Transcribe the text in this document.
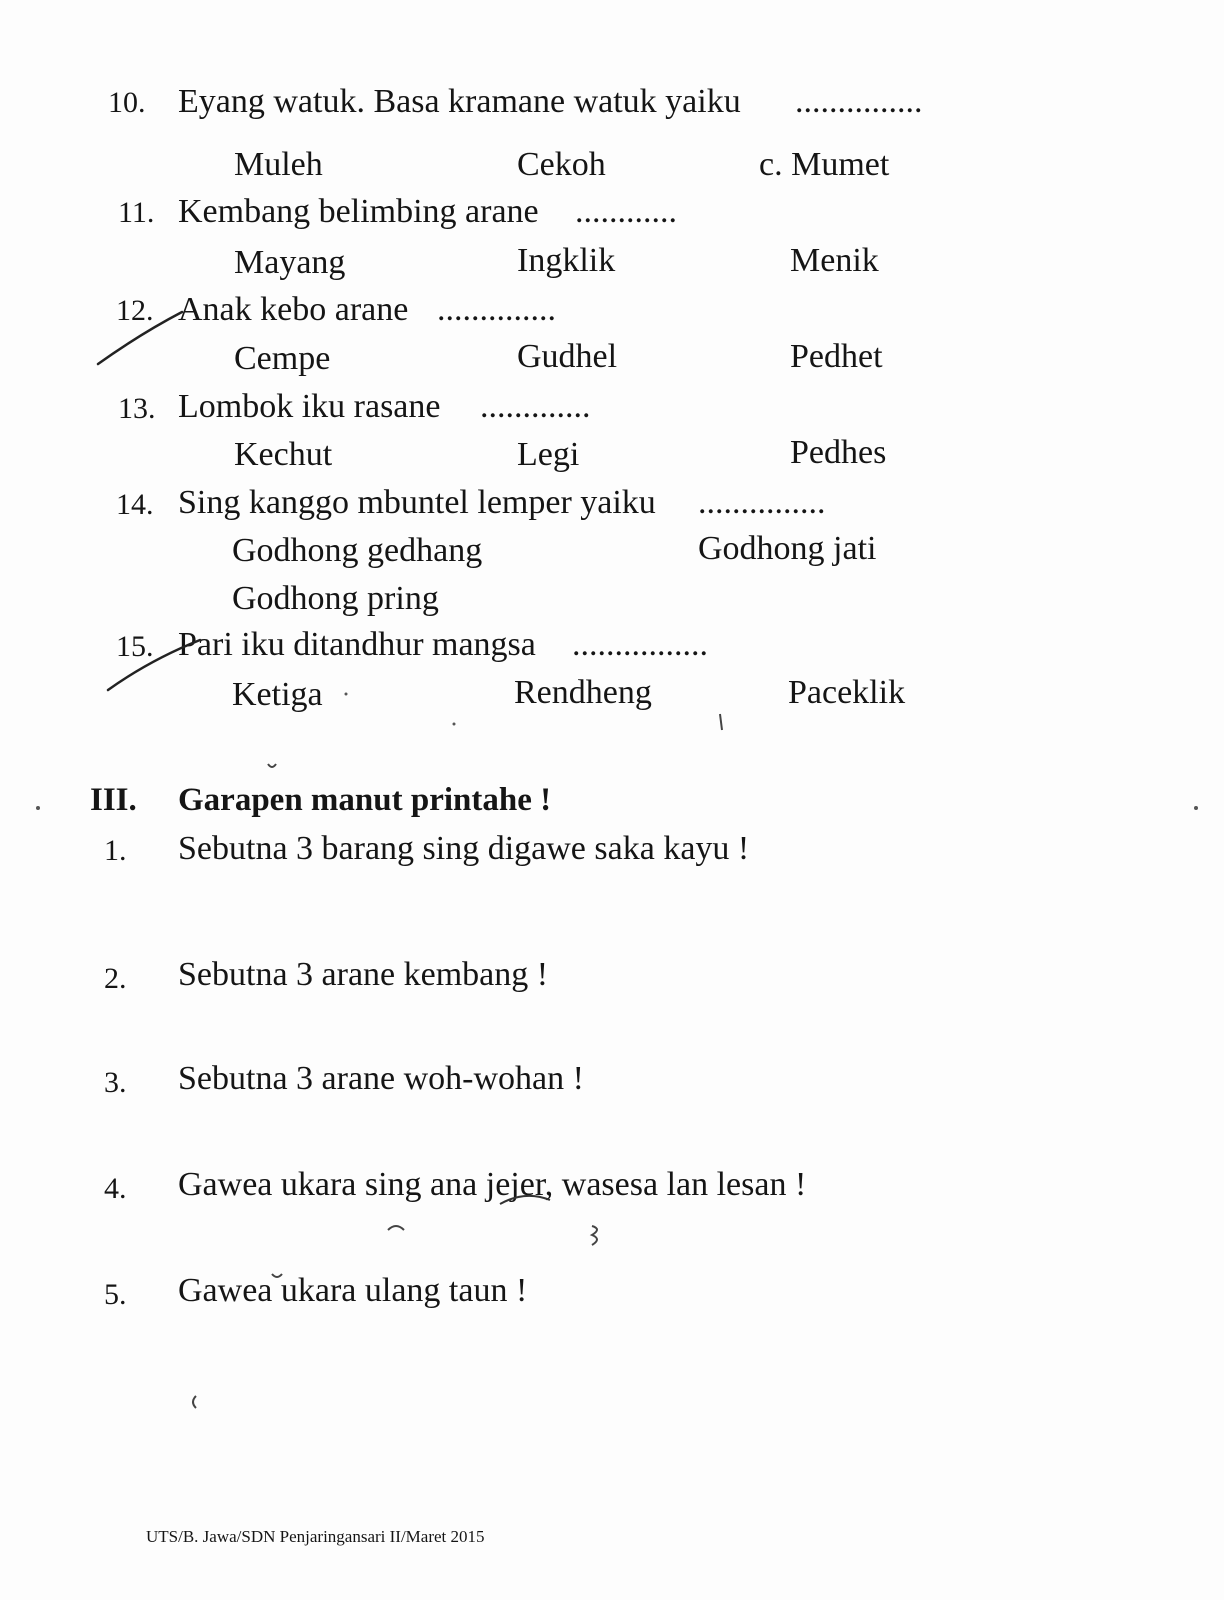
10. Eyang watuk. Basa kramane watuk yaiku ...............
Muleh	Cekoh	c. Mumet
11. Kembang belimbing arane ............
Mayang	Ingklik	Menik
12. Anak kebo arane ..............
Cempe	Gudhel	Pedhet
13. Lombok iku rasane .............
Kechut	Legi	Pedhes
14. Sing kanggo mbuntel lemper yaiku ...............
Godhong gedhang	Godhong jati
Godhong pring
15. Pari iku ditandhur mangsa ................
Ketiga	Rendheng	Paceklik
III. Garapen manut printahe !
1. Sebutna 3 barang sing digawe saka kayu !
2. Sebutna 3 arane kembang !
3. Sebutna 3 arane woh-wohan !
4. Gawea ukara sing ana jejer, wasesa lan lesan !
5. Gawea ukara ulang taun !
UTS/B. Jawa/SDN Penjaringansari II/Maret 2015
